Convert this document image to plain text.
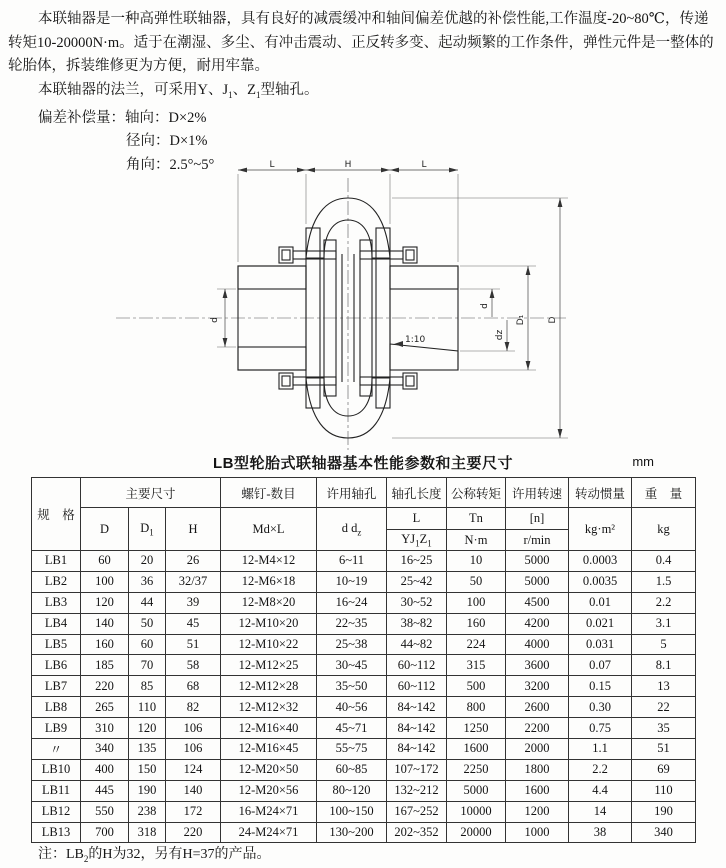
本联轴器是一种高弹性联轴器，具有良好的减震缓冲和轴间偏差优越的补偿性能,工作温度-20~80℃，传递转矩10-20000N·m。适于在潮湿、多尘、有冲击震动、正反转多变、起动频繁的工作条件，弹性元件是一整体的轮胎体，拆装维修更为方便，耐用牢靠。

本联轴器的法兰，可采用Y、$J_1$、$Z_1$型轴孔。

偏差补偿量：轴向：D×2%
径向：D×1%
角向：2.5°~5°
1:10
L	H	L
d
d
dz
D₁ D
LB型轮胎式联轴器基本性能参数和主要尺寸	mm
规　格	主要尺寸			螺钉-数目	许用轴孔	轴孔长度	公称转矩	许用转速	转动惯量	重　量
	D	$D_1$	H	Md×L	d $d_z$	L	Tn	[n]	kg·m²	kg
						$YJ_1Z_1$	N·m	r/min		
LB1	60	20	26	12-M4×12	6~11	16~25	10	5000	0.0003	0.4
LB2	100	36	32/37	12-M6×18	10~19	25~42	50	5000	0.0035	1.5
LB3	120	44	39	12-M8×20	16~24	30~52	100	4500	0.01	2.2
LB4	140	50	45	12-M10×20	22~35	38~82	160	4200	0.021	3.1
LB5	160	60	51	12-M10×22	25~38	44~82	224	4000	0.031	5
LB6	185	70	58	12-M12×25	30~45	60~112	315	3600	0.07	8.1
LB7	220	85	68	12-M12×28	35~50	60~112	500	3200	0.15	13
LB8	265	110	82	12-M12×32	40~56	84~142	800	2600	0.30	22
LB9	310	120	106	12-M16×40	45~71	84~142	1250	2200	0.75	35
〃	340	135	106	12-M16×45	55~75	84~142	1600	2000	1.1	51
LB10	400	150	124	12-M20×50	60~85	107~172	2250	1800	2.2	69
LB11	445	190	140	12-M20×56	80~120	132~212	5000	1600	4.4	110
LB12	550	238	172	16-M24×71	100~150	167~252	10000	1200	14	190
LB13	700	318	220	24-M24×71	130~200	202~352	20000	1000	38	340
注：$LB_2$的H为32，另有H=37的产品。
